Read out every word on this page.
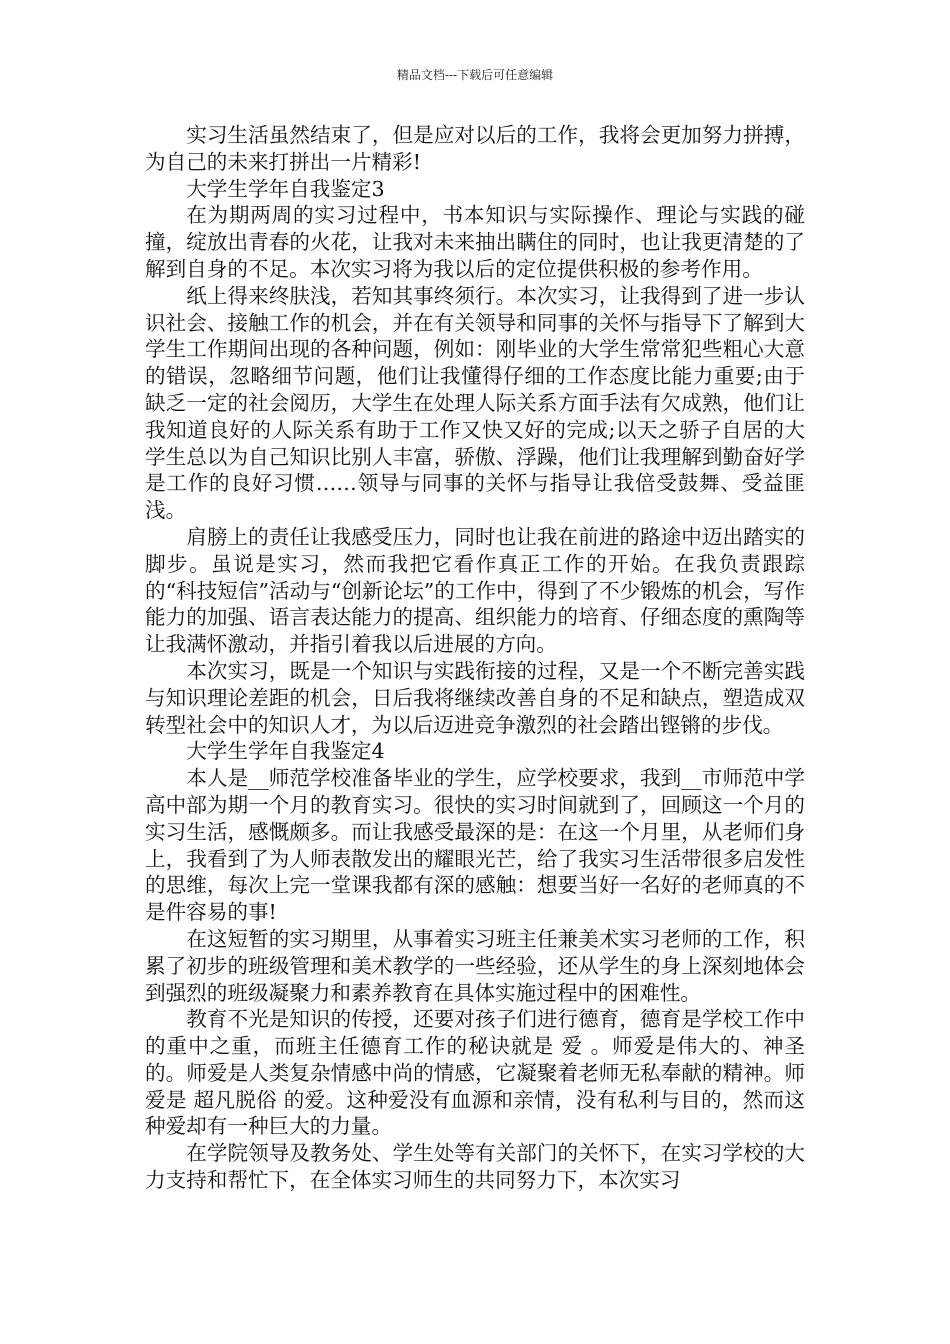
精品文档---下载后可任意编辑

实习生活虽然结束了，但是应对以后的工作，我将会更加努力拼搏，为自己的未来打拼出一片精彩!

大学生学年自我鉴定3

在为期两周的实习过程中，书本知识与实际操作、理论与实践的碰撞，绽放出青春的火花，让我对未来抽出瞒住的同时，也让我更清楚的了解到自身的不足。本次实习将为我以后的定位提供积极的参考作用。

纸上得来终肤浅，若知其事终须行。本次实习，让我得到了进一步认识社会、接触工作的机会，并在有关领导和同事的关怀与指导下了解到大学生工作期间出现的各种问题，例如：刚毕业的大学生常常犯些粗心大意的错误，忽略细节问题，他们让我懂得仔细的工作态度比能力重要;由于缺乏一定的社会阅历，大学生在处理人际关系方面手法有欠成熟，他们让我知道良好的人际关系有助于工作又快又好的完成;以天之骄子自居的大学生总以为自己知识比别人丰富，骄傲、浮躁，他们让我理解到勤奋好学是工作的良好习惯……领导与同事的关怀与指导让我倍受鼓舞、受益匪浅。

肩膀上的责任让我感受压力，同时也让我在前进的路途中迈出踏实的脚步。虽说是实习，然而我把它看作真正工作的开始。在我负责跟踪的“科技短信”活动与“创新论坛”的工作中，得到了不少锻炼的机会，写作能力的加强、语言表达能力的提高、组织能力的培育、仔细态度的熏陶等让我满怀激动，并指引着我以后进展的方向。

本次实习，既是一个知识与实践衔接的过程，又是一个不断完善实践与知识理论差距的机会，日后我将继续改善自身的不足和缺点，塑造成双转型社会中的知识人才，为以后迈进竞争激烈的社会踏出铿锵的步伐。

大学生学年自我鉴定4

本人是__师范学校准备毕业的学生，应学校要求，我到__市师范中学高中部为期一个月的教育实习。很快的实习时间就到了，回顾这一个月的实习生活，感慨颇多。而让我感受最深的是：在这一个月里，从老师们身上，我看到了为人师表散发出的耀眼光芒，给了我实习生活带很多启发性的思维，每次上完一堂课我都有深的感触：想要当好一名好的老师真的不是件容易的事!

在这短暂的实习期里，从事着实习班主任兼美术实习老师的工作，积累了初步的班级管理和美术教学的一些经验，还从学生的身上深刻地体会到强烈的班级凝聚力和素养教育在具体实施过程中的困难性。

教育不光是知识的传授，还要对孩子们进行德育，德育是学校工作中的重中之重，而班主任德育工作的秘诀就是 爱 。师爱是伟大的、神圣的。师爱是人类复杂情感中尚的情感，它凝聚着老师无私奉献的精神。师爱是 超凡脱俗 的爱。这种爱没有血源和亲情，没有私利与目的，然而这种爱却有一种巨大的力量。

在学院领导及教务处、学生处等有关部门的关怀下，在实习学校的大力支持和帮忙下，在全体实习师生的共同努力下，本次实习
